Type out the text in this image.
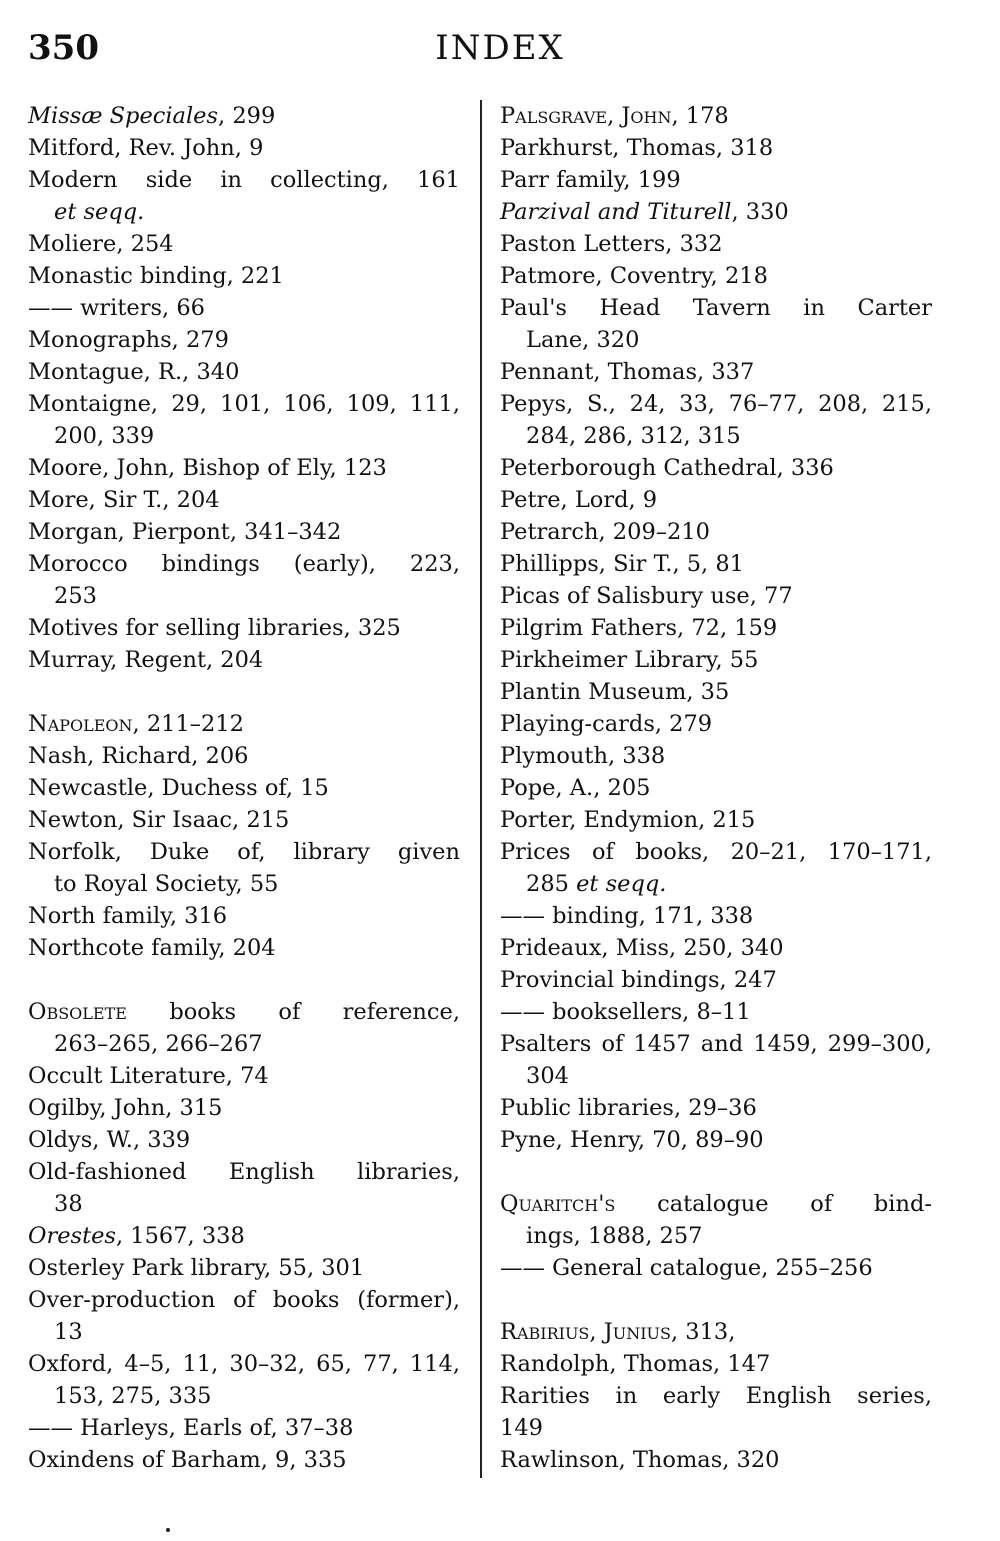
350	INDEX
Missæ Speciales, 299
Mitford, Rev. John, 9
Modern side in collecting, 161
et seqq.
Moliere, 254
Monastic binding, 221
—— writers, 66
Monographs, 279
Montague, R., 340
Montaigne, 29, 101, 106, 109, 111,
200, 339
Moore, John, Bishop of Ely, 123
More, Sir T., 204
Morgan, Pierpont, 341–342
Morocco bindings (early), 223,
253
Motives for selling libraries, 325
Murray, Regent, 204
Napoleon, 211–212
Nash, Richard, 206
Newcastle, Duchess of, 15
Newton, Sir Isaac, 215
Norfolk, Duke of, library given
to Royal Society, 55
North family, 316
Northcote family, 204
Obsolete books of reference,
263–265, 266–267
Occult Literature, 74
Ogilby, John, 315
Oldys, W., 339
Old-fashioned English libraries,
38
Orestes, 1567, 338
Osterley Park library, 55, 301
Over-production of books (former),
13
Oxford, 4–5, 11, 30–32, 65, 77, 114,
153, 275, 335
—— Harleys, Earls of, 37–38
Oxindens of Barham, 9, 335
Palsgrave, John, 178
Parkhurst, Thomas, 318
Parr family, 199
Parzival and Titurell, 330
Paston Letters, 332
Patmore, Coventry, 218
Paul's Head Tavern in Carter
Lane, 320
Pennant, Thomas, 337
Pepys, S., 24, 33, 76–77, 208, 215,
284, 286, 312, 315
Peterborough Cathedral, 336
Petre, Lord, 9
Petrarch, 209–210
Phillipps, Sir T., 5, 81
Picas of Salisbury use, 77
Pilgrim Fathers, 72, 159
Pirkheimer Library, 55
Plantin Museum, 35
Playing-cards, 279
Plymouth, 338
Pope, A., 205
Porter, Endymion, 215
Prices of books, 20–21, 170–171,
285 et seqq.
—— binding, 171, 338
Prideaux, Miss, 250, 340
Provincial bindings, 247
—— booksellers, 8–11
Psalters of 1457 and 1459, 299–300,
304
Public libraries, 29–36
Pyne, Henry, 70, 89–90
Quaritch's catalogue of bind-
ings, 1888, 257
—— General catalogue, 255–256
Rabirius, Junius, 313,
Randolph, Thomas, 147
Rarities in early English series,
149
Rawlinson, Thomas, 320
